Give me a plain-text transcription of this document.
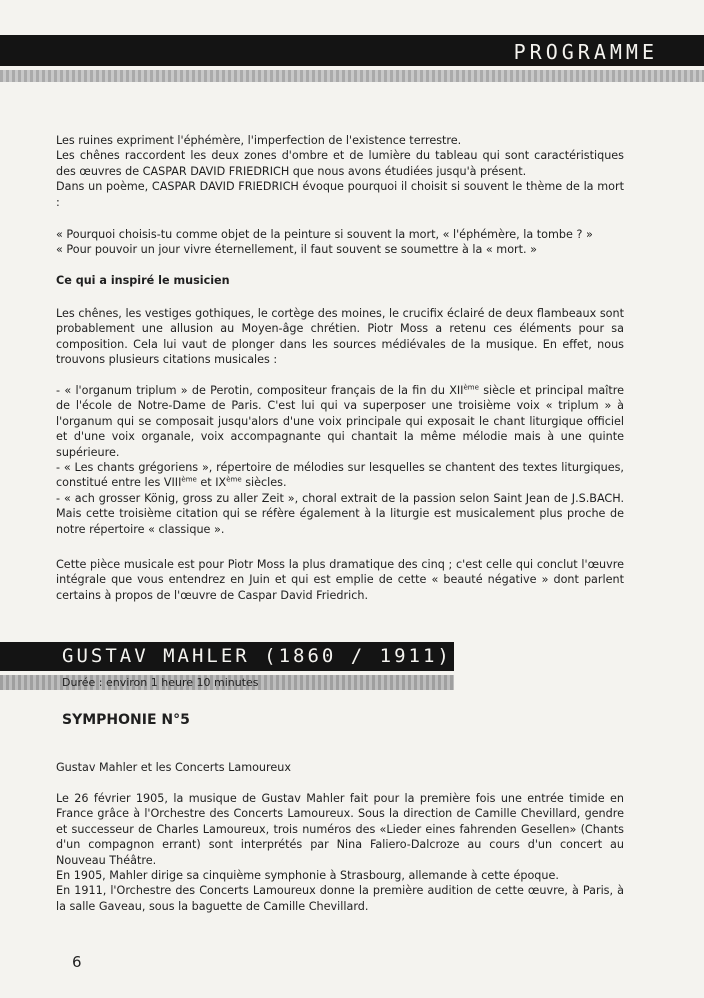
PROGRAMME

Les ruines expriment l'éphémère, l'imperfection de l'existence terrestre.

Les chênes raccordent les deux zones d'ombre et de lumière du tableau qui sont caractéristiques des œuvres de CASPAR DAVID FRIEDRICH que nous avons étudiées jusqu'à présent.

Dans un poème, CASPAR DAVID FRIEDRICH évoque pourquoi il choisit si souvent le thème de la mort :

« Pourquoi choisis-tu comme objet de la peinture si souvent la mort, « l'éphémère, la tombe ? »

« Pour pouvoir un jour vivre éternellement, il faut souvent se soumettre à la « mort. »

Ce qui a inspiré le musicien

Les chênes, les vestiges gothiques, le cortège des moines, le crucifix éclairé de deux flambeaux sont probablement une allusion au Moyen-âge chrétien. Piotr Moss a retenu ces éléments pour sa composition. Cela lui vaut de plonger dans les sources médiévales de la musique. En effet, nous trouvons plusieurs citations musicales :

- « l'organum triplum » de Perotin, compositeur français de la fin du XIIème siècle et principal maître de l'école de Notre-Dame de Paris. C'est lui qui va superposer une troisième voix « triplum » à l'organum qui se composait jusqu'alors d'une voix principale qui exposait le chant liturgique officiel et d'une voix organale, voix accompagnante qui chantait la même mélodie mais à une quinte supérieure.

- « Les chants grégoriens », répertoire de mélodies sur lesquelles se chantent des textes liturgiques, constitué entre les VIIIème et IXème siècles.

- « ach grosser König, gross zu aller Zeit », choral extrait de la passion selon Saint Jean de J.S.BACH. Mais cette troisième citation qui se réfère également à la liturgie est musicalement plus proche de notre répertoire « classique ».

Cette pièce musicale est pour Piotr Moss la plus dramatique des cinq ; c'est celle qui conclut l'œuvre intégrale que vous entendrez en Juin et qui est emplie de cette « beauté négative » dont parlent certains à propos de l'œuvre de Caspar David Friedrich.

GUSTAV MAHLER (1860 / 1911)
Durée : environ 1 heure 10 minutes
SYMPHONIE N°5

Gustav Mahler et les Concerts Lamoureux

Le 26 février 1905, la musique de Gustav Mahler fait pour la première fois une entrée timide en France grâce à l'Orchestre des Concerts Lamoureux. Sous la direction de Camille Chevillard, gendre et successeur de Charles Lamoureux, trois numéros des «Lieder eines fahrenden Gesellen» (Chants d'un compagnon errant) sont interprétés par Nina Faliero-Dalcroze au cours d'un concert au Nouveau Théâtre.

En 1905, Mahler dirige sa cinquième symphonie à Strasbourg, allemande à cette époque.

En 1911, l'Orchestre des Concerts Lamoureux donne la première audition de cette œuvre, à Paris, à la salle Gaveau, sous la baguette de Camille Chevillard.

6
